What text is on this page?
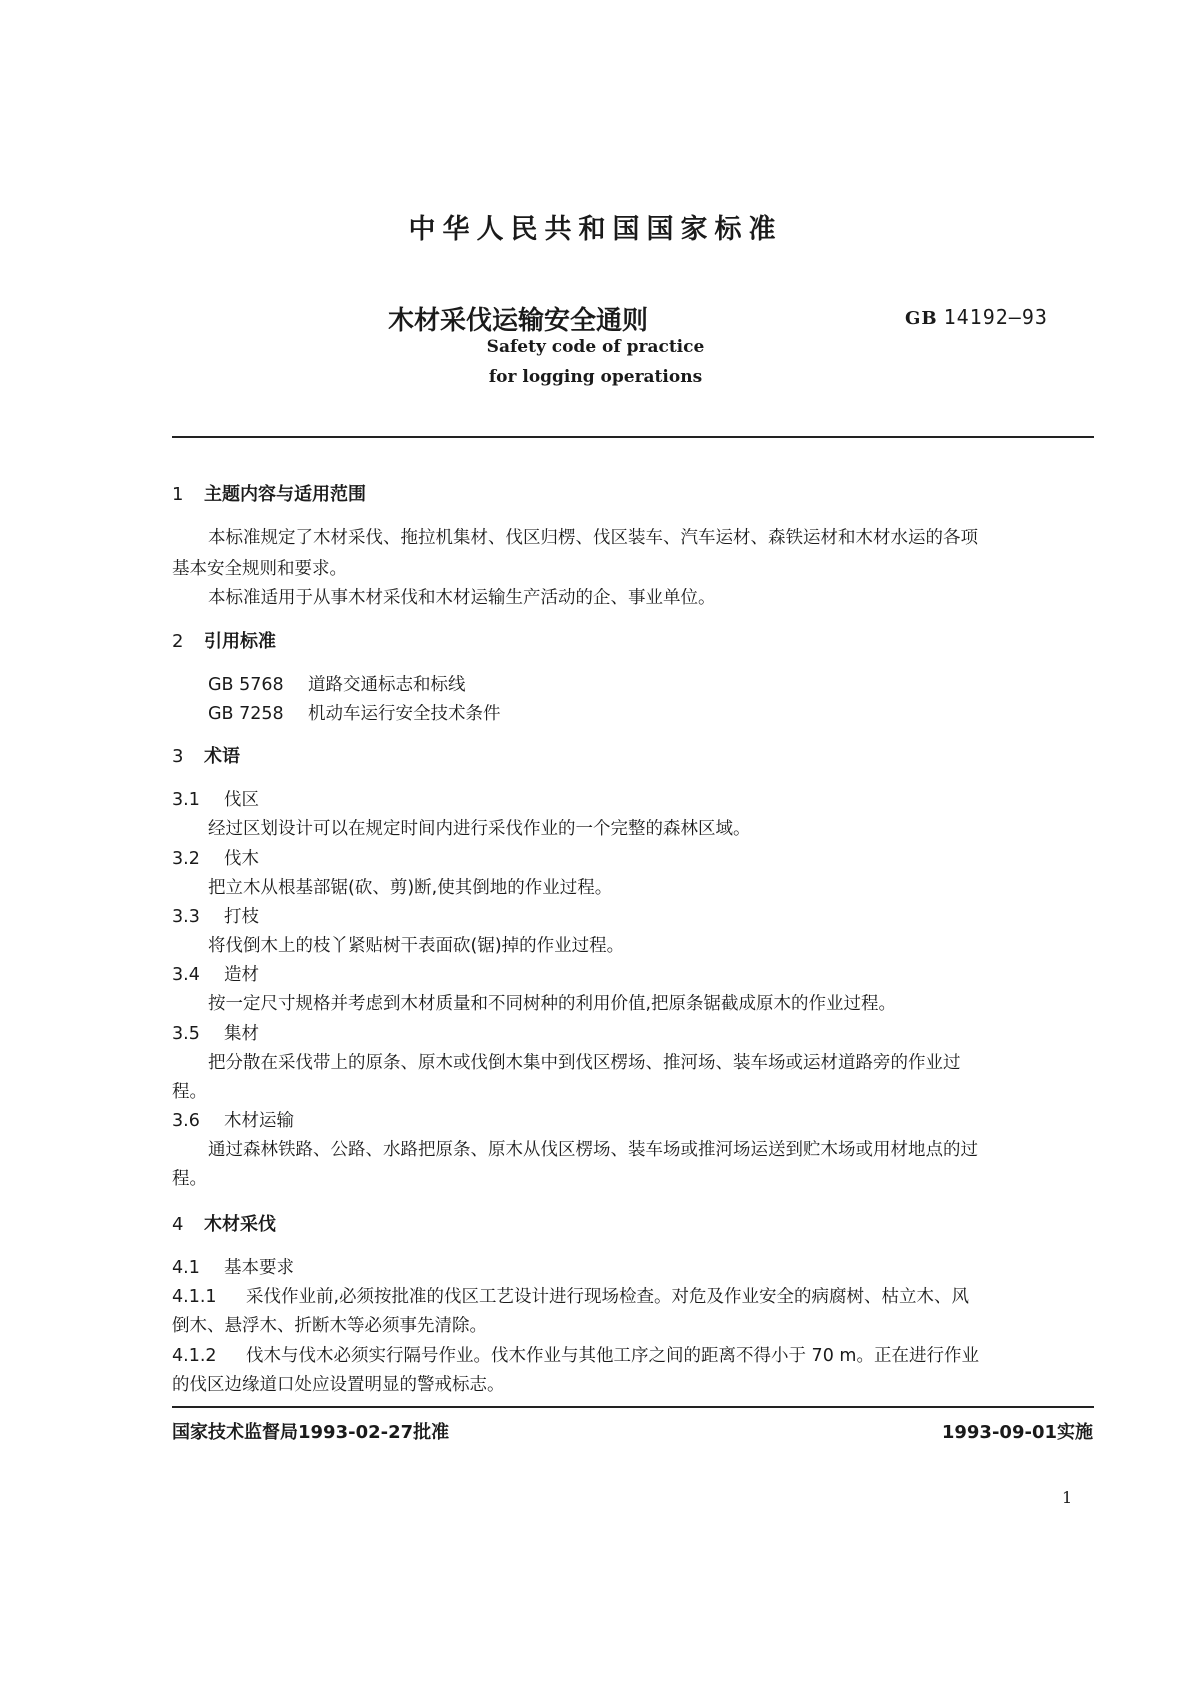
中华人民共和国国家标准
木材采伐运输安全通则	GB 14192—93
Safety code of practice
for logging operations
1 主题内容与适用范围
本标准规定了木材采伐、拖拉机集材、伐区归楞、伐区装车、汽车运材、森铁运材和木材水运的各项
基本安全规则和要求。
本标准适用于从事木材采伐和木材运输生产活动的企、事业单位。
2 引用标准
GB 5768 道路交通标志和标线
GB 7258 机动车运行安全技术条件
3 术语
3.1 伐区
经过区划设计可以在规定时间内进行采伐作业的一个完整的森林区域。
3.2 伐木
把立木从根基部锯(砍、剪)断,使其倒地的作业过程。
3.3 打枝
将伐倒木上的枝丫紧贴树干表面砍(锯)掉的作业过程。
3.4 造材
按一定尺寸规格并考虑到木材质量和不同树种的利用价值,把原条锯截成原木的作业过程。
3.5 集材
把分散在采伐带上的原条、原木或伐倒木集中到伐区楞场、推河场、装车场或运材道路旁的作业过
程。
3.6 木材运输
通过森林铁路、公路、水路把原条、原木从伐区楞场、装车场或推河场运送到贮木场或用材地点的过
程。
4 木材采伐
4.1 基本要求
4.1.1 采伐作业前,必须按批准的伐区工艺设计进行现场检查。对危及作业安全的病腐树、枯立木、风
倒木、悬浮木、折断木等必须事先清除。
4.1.2 伐木与伐木必须实行隔号作业。伐木作业与其他工序之间的距离不得小于 70 m。正在进行作业
的伐区边缘道口处应设置明显的警戒标志。
国家技术监督局1993-02-27批准	1993-09-01实施
1
